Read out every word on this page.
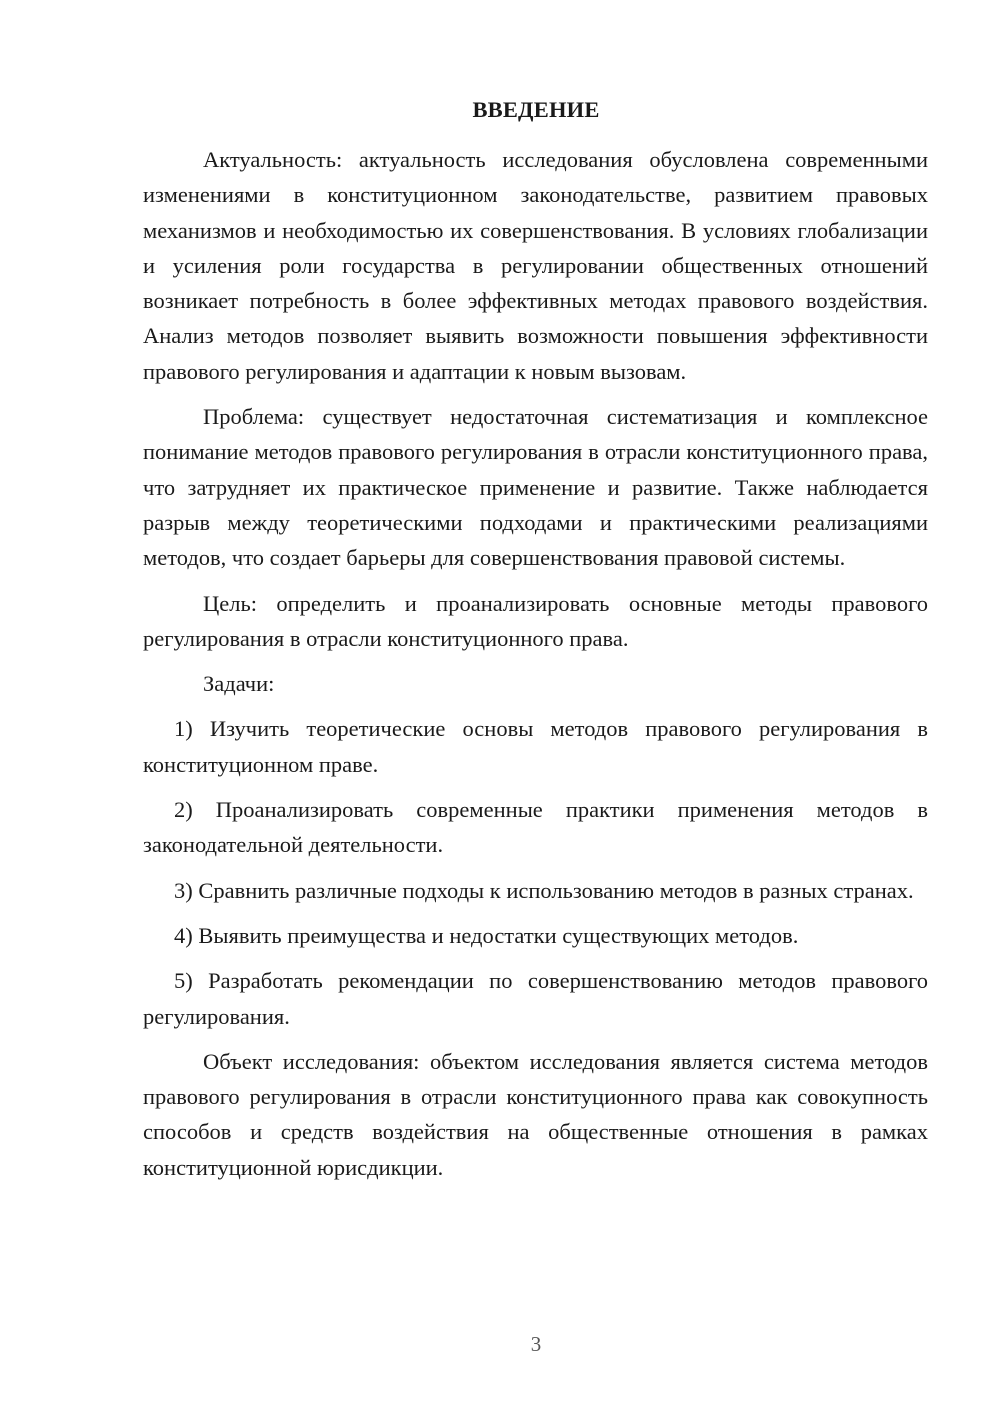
ВВЕДЕНИЕ

Актуальность: актуальность исследования обусловлена современными изменениями в конституционном законодательстве, развитием правовых механизмов и необходимостью их совершенствования. В условиях глобализации и усиления роли государства в регулировании общественных отношений возникает потребность в более эффективных методах правового воздействия. Анализ методов позволяет выявить возможности повышения эффективности правового регулирования и адаптации к новым вызовам.

Проблема: существует недостаточная систематизация и комплексное понимание методов правового регулирования в отрасли конституционного права, что затрудняет их практическое применение и развитие. Также наблюдается разрыв между теоретическими подходами и практическими реализациями методов, что создает барьеры для совершенствования правовой системы.

Цель: определить и проанализировать основные методы правового регулирования в отрасли конституционного права.

Задачи:

1) Изучить теоретические основы методов правового регулирования в конституционном праве.

2) Проанализировать современные практики применения методов в законодательной деятельности.

3) Сравнить различные подходы к использованию методов в разных странах.

4) Выявить преимущества и недостатки существующих методов.

5) Разработать рекомендации по совершенствованию методов правового регулирования.

Объект исследования: объектом исследования является система методов правового регулирования в отрасли конституционного права как совокупность способов и средств воздействия на общественные отношения в рамках конституционной юрисдикции.

3
